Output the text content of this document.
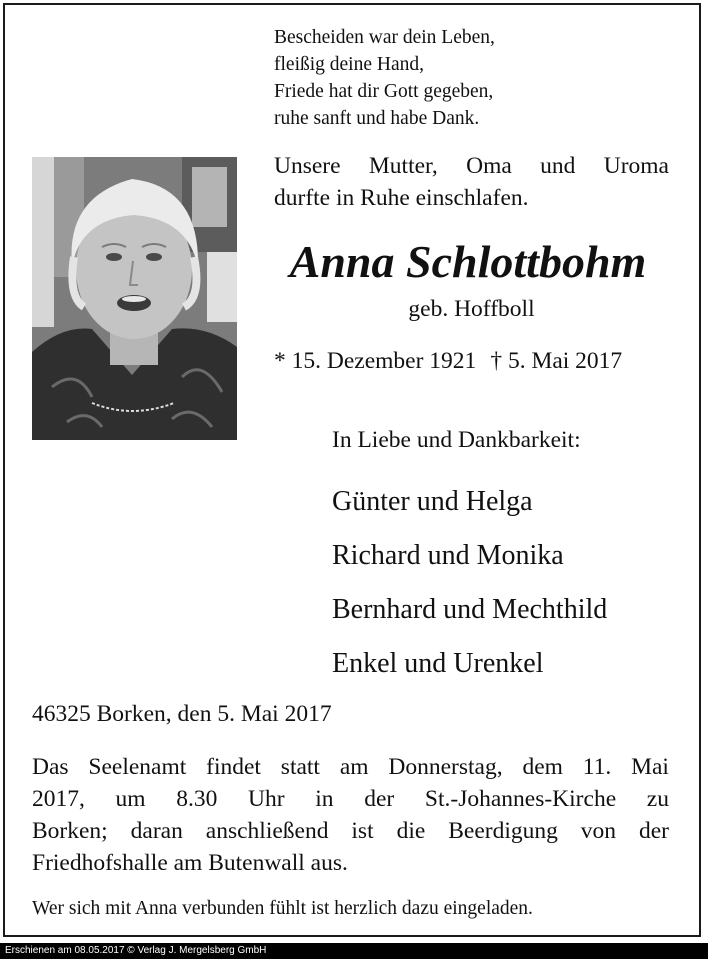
Bescheiden war dein Leben,
fleißig deine Hand,
Friede hat dir Gott gegeben,
ruhe sanft und habe Dank.
Unsere Mutter, Oma und Uroma
durfte in Ruhe einschlafen.
Anna Schlottbohm
geb. Hoffboll
* 15. Dezember 1921 † 5. Mai 2017
In Liebe und Dankbarkeit:
Günter und Helga
Richard und Monika
Bernhard und Mechthild
Enkel und Urenkel
46325 Borken, den 5. Mai 2017
Das Seelenamt findet statt am Donnerstag, dem 11. Mai
2017, um 8.30 Uhr in der St.-Johannes-Kirche zu
Borken; daran anschließend ist die Beerdigung von der
Friedhofshalle am Butenwall aus.
Wer sich mit Anna verbunden fühlt ist herzlich dazu eingeladen.
Erschienen am 08.05.2017 © Verlag J. Mergelsberg GmbH
